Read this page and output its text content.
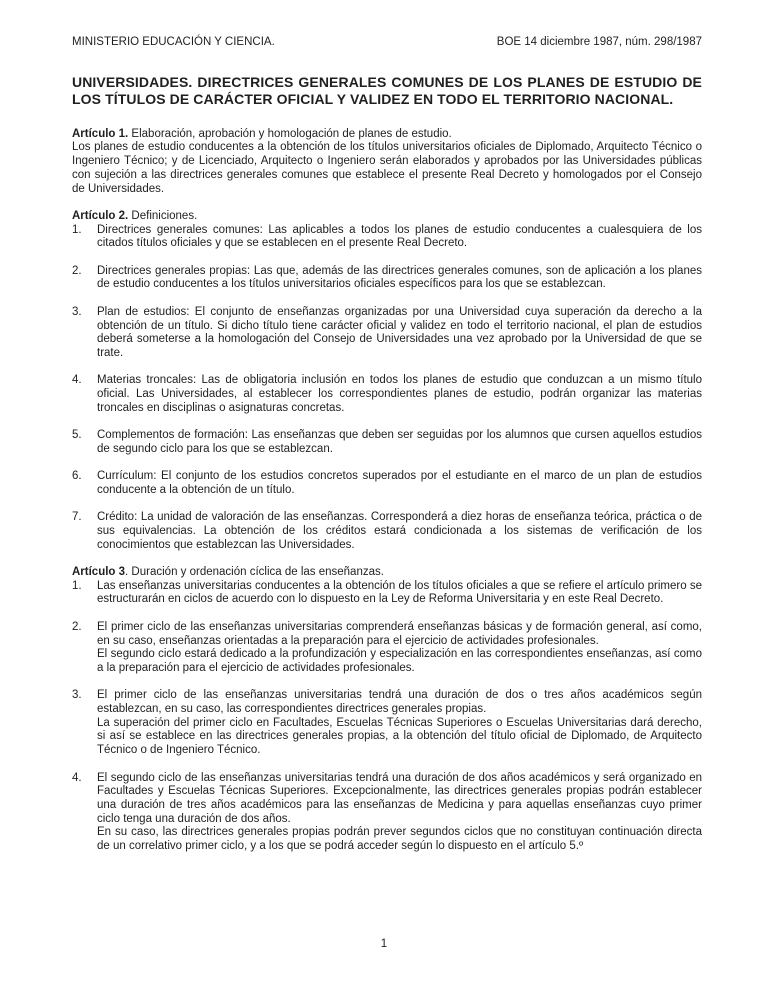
MINISTERIO EDUCACIÓN Y CIENCIA.	BOE 14 diciembre 1987, núm. 298/1987
UNIVERSIDADES. DIRECTRICES GENERALES COMUNES DE LOS PLANES DE ESTUDIO DE LOS TÍTULOS DE CARÁCTER OFICIAL Y VALIDEZ EN TODO EL TERRITORIO NACIONAL.

Artículo 1. Elaboración, aprobación y homologación de planes de estudio.

Los planes de estudio conducentes a la obtención de los títulos universitarios oficiales de Diplomado, Arquitecto Técnico o Ingeniero Técnico; y de Licenciado, Arquitecto o Ingeniero serán elaborados y aprobados por las Universidades públicas con sujeción a las directrices generales comunes que establece el presente Real Decreto y homologados por el Consejo de Universidades.

Artículo 2. Definiciones.

1. Directrices generales comunes: Las aplicables a todos los planes de estudio conducentes a cualesquiera de los citados títulos oficiales y que se establecen en el presente Real Decreto.

2. Directrices generales propias: Las que, además de las directrices generales comunes, son de aplicación a los planes de estudio conducentes a los títulos universitarios oficiales específicos para los que se establezcan.

3. Plan de estudios: El conjunto de enseñanzas organizadas por una Universidad cuya superación da derecho a la obtención de un título. Si dicho título tiene carácter oficial y validez en todo el territorio nacional, el plan de estudios deberá someterse a la homologación del Consejo de Universidades una vez aprobado por la Universidad de que se trate.

4. Materias troncales: Las de obligatoria inclusión en todos los planes de estudio que conduzcan a un mismo título oficial. Las Universidades, al establecer los correspondientes planes de estudio, podrán organizar las materias troncales en disciplinas o asignaturas concretas.

5. Complementos de formación: Las enseñanzas que deben ser seguidas por los alumnos que cursen aquellos estudios de segundo ciclo para los que se establezcan.

6. Currículum: El conjunto de los estudios concretos superados por el estudiante en el marco de un plan de estudios conducente a la obtención de un título.

7. Crédito: La unidad de valoración de las enseñanzas. Corresponderá a diez horas de enseñanza teórica, práctica o de sus equivalencias. La obtención de los créditos estará condicionada a los sistemas de verificación de los conocimientos que establezcan las Universidades.

Artículo 3. Duración y ordenación cíclica de las enseñanzas.

1. Las enseñanzas universitarias conducentes a la obtención de los títulos oficiales a que se refiere el artículo primero se estructurarán en ciclos de acuerdo con lo dispuesto en la Ley de Reforma Universitaria y en este Real Decreto.

2. El primer ciclo de las enseñanzas universitarias comprenderá enseñanzas básicas y de formación general, así como, en su caso, enseñanzas orientadas a la preparación para el ejercicio de actividades profesionales.

El segundo ciclo estará dedicado a la profundización y especialización en las correspondientes enseñanzas, así como a la preparación para el ejercicio de actividades profesionales.

3. El primer ciclo de las enseñanzas universitarias tendrá una duración de dos o tres años académicos según establezcan, en su caso, las correspondientes directrices generales propias.

La superación del primer ciclo en Facultades, Escuelas Técnicas Superiores o Escuelas Universitarias dará derecho, si así se establece en las directrices generales propias, a la obtención del título oficial de Diplomado, de Arquitecto Técnico o de Ingeniero Técnico.

4. El segundo ciclo de las enseñanzas universitarias tendrá una duración de dos años académicos y será organizado en Facultades y Escuelas Técnicas Superiores. Excepcionalmente, las directrices generales propias podrán establecer una duración de tres años académicos para las enseñanzas de Medicina y para aquellas enseñanzas cuyo primer ciclo tenga una duración de dos años.

En su caso, las directrices generales propias podrán prever segundos ciclos que no constituyan continuación directa de un correlativo primer ciclo, y a los que se podrá acceder según lo dispuesto en el artículo 5.º

1
